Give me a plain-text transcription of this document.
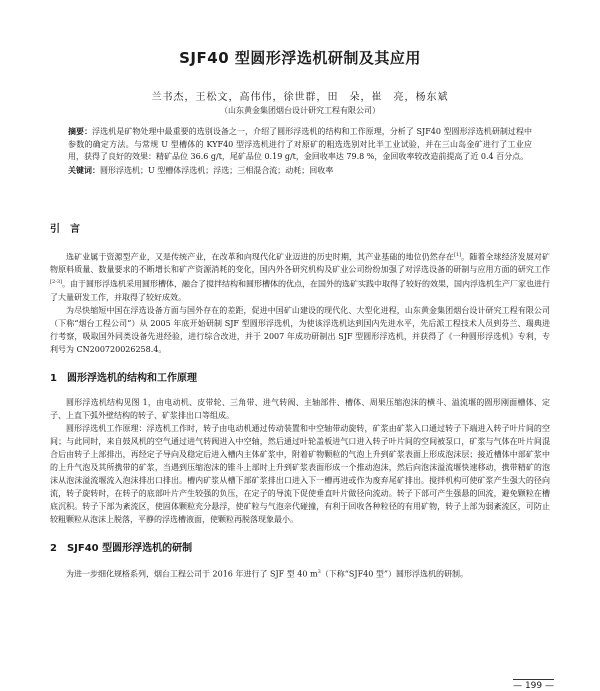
SJF40 型圆形浮选机研制及其应用
兰书杰，王松文，高伟伟，徐世群，田　朵，崔　亮，杨东斌
（山东黄金集团烟台设计研究工程有限公司）
摘要：浮选机是矿物处理中最重要的选别设备之一，介绍了圆形浮选机的结构和工作原理，分析了 SJF40 型圆形浮选机研制过程中参数的确定方法。与常规 U 型槽体的 KYF40 型浮选机进行了对原矿的粗选选别对比半工业试验，并在三山岛金矿进行了工业应用，获得了良好的效果：精矿品位 36.6 g/t，尾矿品位 0.19 g/t，金回收率达 79.8 %，金回收率较改造前提高了近 0.4 百分点。
关键词：圆形浮选机；U 型槽体浮选机；浮选；三相混合流；动耗；回收率
引　言

选矿业属于资源型产业，又是传统产业，在改革和向现代化矿业迈进的历史时期，其产业基础的地位仍然存在[1]。随着全球经济发展对矿物原料质量、数量要求的不断增长和矿产资源消耗的变化，国内外各研究机构及矿业公司纷纷加强了对浮选设备的研制与应用方面的研究工作[2-3]。由于圆形浮选机采用圆形槽体，融合了搅拌结构和圆形槽体的优点，在国外的选矿实践中取得了较好的效果，国内浮选机生产厂家也进行了大量研发工作，并取得了较好成效。

为尽快缩短中国在浮选设备方面与国外存在的差距，促进中国矿山建设的现代化、大型化进程，山东黄金集团烟台设计研究工程有限公司（下称“烟台工程公司”）从 2005 年底开始研制 SJF 型圆形浮选机，为使该浮选机达到国内先进水平，先后派工程技术人员到芬兰、瑞典进行考察，吸取国外同类设备先进经验，进行综合改进，并于 2007 年成功研制出 SJF 型圆形浮选机，并获得了《一种圆形浮选机》专利，专利号为 CN200720026258.4。

1　圆形浮选机的结构和工作原理

圆形浮选机结构见图 1，由电动机、皮带轮、三角带、进气转阀、主轴部件、槽体、周果压缩泡沫的横斗、溢流堰的圆形刚面槽体、定子、上直下弧外壁结构的转子、矿浆排出口等组成。

圆形浮选机工作原理：浮选机工作时，转子由电动机通过传动装置和中空轴带动旋转，矿浆由矿浆入口通过转子下端进入转子叶片间的空间；与此同时，来自鼓风机的空气通过进气转阀进入中空轴，然后通过叶轮盖板进气口进入转子叶片间的空间被泵口，矿浆与气体在叶片间混合后由转子上部排出，再经定子导向及稳定后进入槽内主体矿浆中，附着矿物颗粒的气泡上升到矿浆表面上形成泡沫层；接近槽体中部矿浆中的上升气泡及其所携带的矿浆，当遇到压缩泡沫的锥斗上部时上升到矿浆表面形成一个推动泡沫，然后向泡沫溢流堰快速移动，携带精矿的泡沫从泡沫溢流堰流入泡沫排出口排出。槽内矿浆从槽下部矿浆排出口进入下一槽再进或作为废弃尾矿排出。搅拌机构可使矿浆产生强大的径向流，转子旋转时，在转子的底部叶片产生较强的负压，在定子的导流下促使垂直叶片做径向流动。转子下部可产生强悬的回流，避免颗粒在槽底沉积。转子下部为紊流区，使固体颗粒充分悬浮，使矿粒与气泡亲代碰撞，有利于回收各种粒径的有用矿物，转子上部为弱紊流区，可防止较粗颗粒从泡沫上脱落，平静的浮选槽液面，使颗粒再脱落现象最小。

2　SJF40 型圆形浮选机的研制

为进一步细化规格系列，烟台工程公司于 2016 年进行了 SJF 型 40 $m^3$（下称“SJF40 型”）圆形浮选机的研制。

— 199 —
